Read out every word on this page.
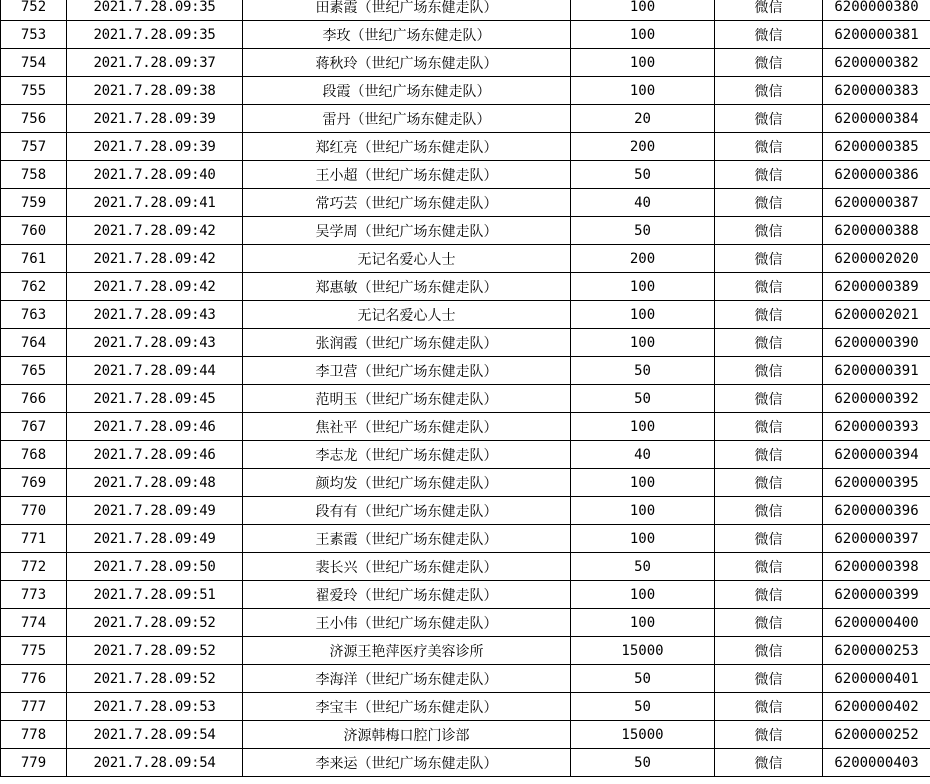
752	2021.7.28.09:35	田素霞（世纪广场东健走队）	100	微信	6200000380
753	2021.7.28.09:35	李玫（世纪广场东健走队）	100	微信	6200000381
754	2021.7.28.09:37	蒋秋玲（世纪广场东健走队）	100	微信	6200000382
755	2021.7.28.09:38	段霞（世纪广场东健走队）	100	微信	6200000383
756	2021.7.28.09:39	雷丹（世纪广场东健走队）	20	微信	6200000384
757	2021.7.28.09:39	郑红亮（世纪广场东健走队）	200	微信	6200000385
758	2021.7.28.09:40	王小超（世纪广场东健走队）	50	微信	6200000386
759	2021.7.28.09:41	常巧芸（世纪广场东健走队）	40	微信	6200000387
760	2021.7.28.09:42	吴学周（世纪广场东健走队）	50	微信	6200000388
761	2021.7.28.09:42	无记名爱心人士	200	微信	6200002020
762	2021.7.28.09:42	郑惠敏（世纪广场东健走队）	100	微信	6200000389
763	2021.7.28.09:43	无记名爱心人士	100	微信	6200002021
764	2021.7.28.09:43	张润霞（世纪广场东健走队）	100	微信	6200000390
765	2021.7.28.09:44	李卫营（世纪广场东健走队）	50	微信	6200000391
766	2021.7.28.09:45	范明玉（世纪广场东健走队）	50	微信	6200000392
767	2021.7.28.09:46	焦社平（世纪广场东健走队）	100	微信	6200000393
768	2021.7.28.09:46	李志龙（世纪广场东健走队）	40	微信	6200000394
769	2021.7.28.09:48	颜均发（世纪广场东健走队）	100	微信	6200000395
770	2021.7.28.09:49	段有有（世纪广场东健走队）	100	微信	6200000396
771	2021.7.28.09:49	王素霞（世纪广场东健走队）	100	微信	6200000397
772	2021.7.28.09:50	裴长兴（世纪广场东健走队）	50	微信	6200000398
773	2021.7.28.09:51	翟爱玲（世纪广场东健走队）	100	微信	6200000399
774	2021.7.28.09:52	王小伟（世纪广场东健走队）	100	微信	6200000400
775	2021.7.28.09:52	济源王艳萍医疗美容诊所	15000	微信	6200000253
776	2021.7.28.09:52	李海洋（世纪广场东健走队）	50	微信	6200000401
777	2021.7.28.09:53	李宝丰（世纪广场东健走队）	50	微信	6200000402
778	2021.7.28.09:54	济源韩梅口腔门诊部	15000	微信	6200000252
779	2021.7.28.09:54	李来运（世纪广场东健走队）	50	微信	6200000403
